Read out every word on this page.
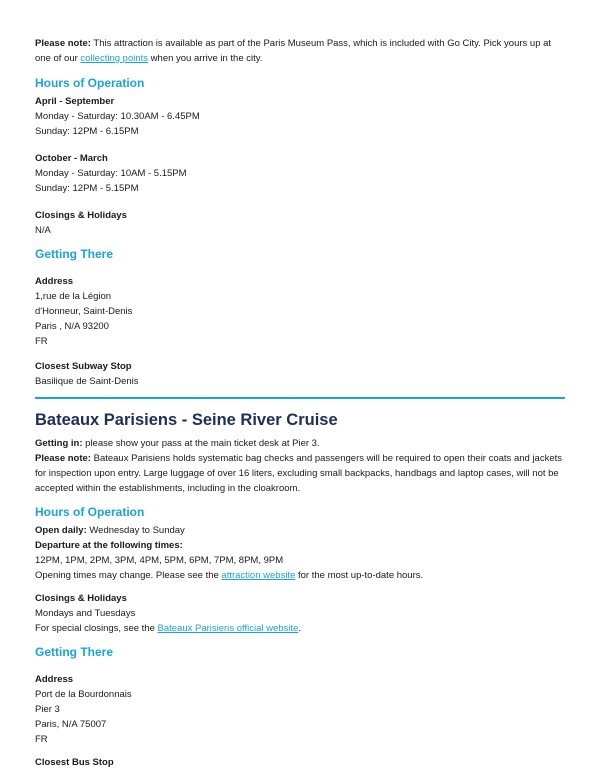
Please note: This attraction is available as part of the Paris Museum Pass, which is included with Go City. Pick yours up at one of our collecting points when you arrive in the city.

Hours of Operation

April - September

Monday - Saturday: 10.30AM - 6.45PM

Sunday: 12PM - 6.15PM

October - March

Monday - Saturday: 10AM - 5.15PM

Sunday: 12PM - 5.15PM

Closings & Holidays

N/A

Getting There

Address

1,rue de la Légion

d'Honneur, Saint-Denis

Paris , N/A 93200

FR

Closest Subway Stop

Basilique de Saint-Denis

Bateaux Parisiens - Seine River Cruise

Getting in: please show your pass at the main ticket desk at Pier 3.

Please note: Bateaux Parisiens holds systematic bag checks and passengers will be required to open their coats and jackets for inspection upon entry. Large luggage of over 16 liters, excluding small backpacks, handbags and laptop cases, will not be accepted within the establishments, including in the cloakroom.

Hours of Operation

Open daily: Wednesday to Sunday

Departure at the following times:

12PM, 1PM, 2PM, 3PM, 4PM, 5PM, 6PM, 7PM, 8PM, 9PM

Opening times may change. Please see the attraction website for the most up-to-date hours.

Closings & Holidays

Mondays and Tuesdays

For special closings, see the Bateaux Parisiens official website.

Getting There

Address

Port de la Bourdonnais

Pier 3

Paris, N/A 75007

FR

Closest Bus Stop
